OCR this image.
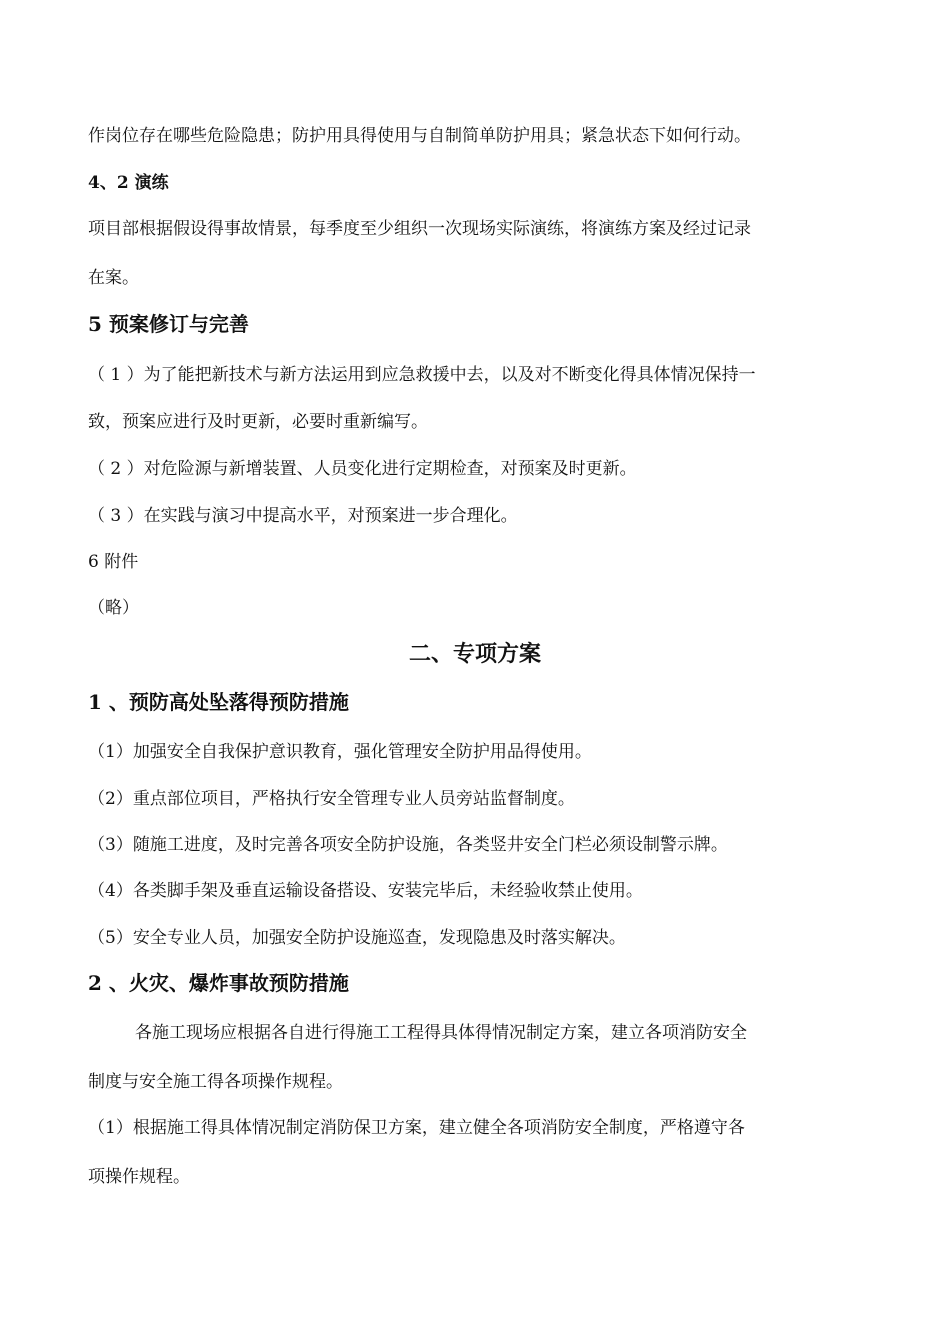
作岗位存在哪些危险隐患；防护用具得使用与自制简单防护用具；紧急状态下如何行动。
4、2 演练
项目部根据假设得事故情景，每季度至少组织一次现场实际演练，将演练方案及经过记录
在案。
5 预案修订与完善
（ 1 ）为了能把新技术与新方法运用到应急救援中去，以及对不断变化得具体情况保持一
致，预案应进行及时更新，必要时重新编写。
（ 2 ）对危险源与新增装置、人员变化进行定期检查，对预案及时更新。
（ 3 ）在实践与演习中提高水平，对预案进一步合理化。
6 附件
（略）
二、专项方案
1 、预防高处坠落得预防措施
（1）加强安全自我保护意识教育，强化管理安全防护用品得使用。
（2）重点部位项目，严格执行安全管理专业人员旁站监督制度。
（3）随施工进度，及时完善各项安全防护设施，各类竖井安全门栏必须设制警示牌。
（4）各类脚手架及垂直运输设备搭设、安装完毕后，未经验收禁止使用。
（5）安全专业人员，加强安全防护设施巡查，发现隐患及时落实解决。
2 、火灾、爆炸事故预防措施
各施工现场应根据各自进行得施工工程得具体得情况制定方案，建立各项消防安全
制度与安全施工得各项操作规程。
（1）根据施工得具体情况制定消防保卫方案，建立健全各项消防安全制度，严格遵守各
项操作规程。
